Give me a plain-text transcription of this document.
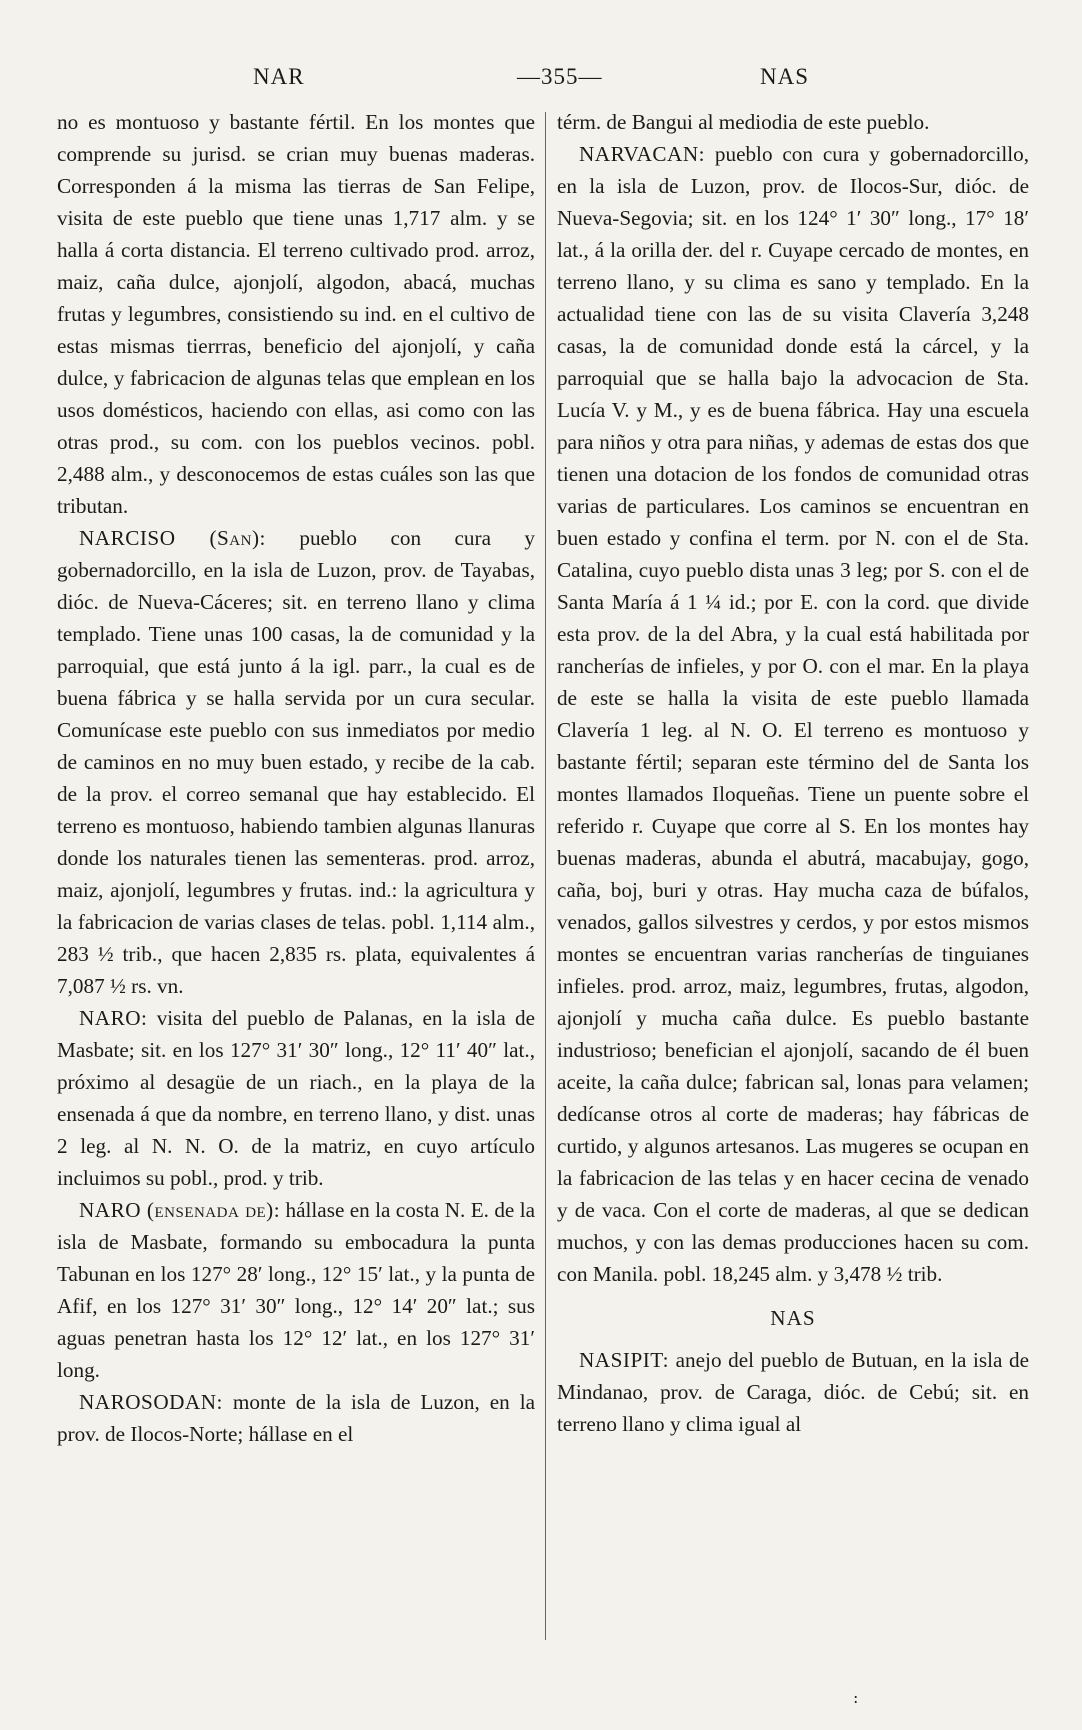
NAR	—355—	NAS

no es montuoso y bastante fértil. En los montes que comprende su jurisd. se crian muy buenas maderas. Corresponden á la misma las tierras de San Felipe, visita de este pueblo que tiene unas 1,717 alm. y se halla á corta distancia. El terreno cultivado prod. arroz, maiz, caña dulce, ajonjolí, algodon, abacá, muchas frutas y legumbres, consistiendo su ind. en el cultivo de estas mismas tierrras, beneficio del ajonjolí, y caña dulce, y fabricacion de algunas telas que emplean en los usos domésticos, haciendo con ellas, asi como con las otras prod., su com. con los pueblos vecinos. pobl. 2,488 alm., y desconocemos de estas cuáles son las que tributan.

NARCISO (San): pueblo con cura y gobernadorcillo, en la isla de Luzon, prov. de Tayabas, dióc. de Nueva-Cáceres; sit. en terreno llano y clima templado. Tiene unas 100 casas, la de comunidad y la parroquial, que está junto á la igl. parr., la cual es de buena fábrica y se halla servida por un cura secular. Comunícase este pueblo con sus inmediatos por medio de caminos en no muy buen estado, y recibe de la cab. de la prov. el correo semanal que hay establecido. El terreno es montuoso, habiendo tambien algunas llanuras donde los naturales tienen las sementeras. prod. arroz, maiz, ajonjolí, legumbres y frutas. ind.: la agricultura y la fabricacion de varias clases de telas. pobl. 1,114 alm., 283 ½ trib., que hacen 2,835 rs. plata, equivalentes á 7,087 ½ rs. vn.

NARO: visita del pueblo de Palanas, en la isla de Masbate; sit. en los 127° 31′ 30″ long., 12° 11′ 40″ lat., próximo al desagüe de un riach., en la playa de la ensenada á que da nombre, en terreno llano, y dist. unas 2 leg. al N. N. O. de la matriz, en cuyo artículo incluimos su pobl., prod. y trib.

NARO (ensenada de): hállase en la costa N. E. de la isla de Masbate, formando su embocadura la punta Tabunan en los 127° 28′ long., 12° 15′ lat., y la punta de Afif, en los 127° 31′ 30″ long., 12° 14′ 20″ lat.; sus aguas penetran hasta los 12° 12′ lat., en los 127° 31′ long.

NAROSODAN: monte de la isla de Luzon, en la prov. de Ilocos-Norte; hállase en el

térm. de Bangui al mediodia de este pueblo.

NARVACAN: pueblo con cura y gobernadorcillo, en la isla de Luzon, prov. de Ilocos-Sur, dióc. de Nueva-Segovia; sit. en los 124° 1′ 30″ long., 17° 18′ lat., á la orilla der. del r. Cuyape cercado de montes, en terreno llano, y su clima es sano y templado. En la actualidad tiene con las de su visita Clavería 3,248 casas, la de comunidad donde está la cárcel, y la parroquial que se halla bajo la advocacion de Sta. Lucía V. y M., y es de buena fábrica. Hay una escuela para niños y otra para niñas, y ademas de estas dos que tienen una dotacion de los fondos de comunidad otras varias de particulares. Los caminos se encuentran en buen estado y confina el term. por N. con el de Sta. Catalina, cuyo pueblo dista unas 3 leg; por S. con el de Santa María á 1 ¼ id.; por E. con la cord. que divide esta prov. de la del Abra, y la cual está habilitada por rancherías de infieles, y por O. con el mar. En la playa de este se halla la visita de este pueblo llamada Clavería 1 leg. al N. O. El terreno es montuoso y bastante fértil; separan este término del de Santa los montes llamados Iloqueñas. Tiene un puente sobre el referido r. Cuyape que corre al S. En los montes hay buenas maderas, abunda el abutrá, macabujay, gogo, caña, boj, buri y otras. Hay mucha caza de búfalos, venados, gallos silvestres y cerdos, y por estos mismos montes se encuentran varias rancherías de tinguianes infieles. prod. arroz, maiz, legumbres, frutas, algodon, ajonjolí y mucha caña dulce. Es pueblo bastante industrioso; benefician el ajonjolí, sacando de él buen aceite, la caña dulce; fabrican sal, lonas para velamen; dedícanse otros al corte de maderas; hay fábricas de curtido, y algunos artesanos. Las mugeres se ocupan en la fabricacion de las telas y en hacer cecina de venado y de vaca. Con el corte de maderas, al que se dedican muchos, y con las demas producciones hacen su com. con Manila. pobl. 18,245 alm. y 3,478 ½ trib.

NAS

NASIPIT: anejo del pueblo de Butuan, en la isla de Mindanao, prov. de Caraga, dióc. de Cebú; sit. en terreno llano y clima igual al

:
